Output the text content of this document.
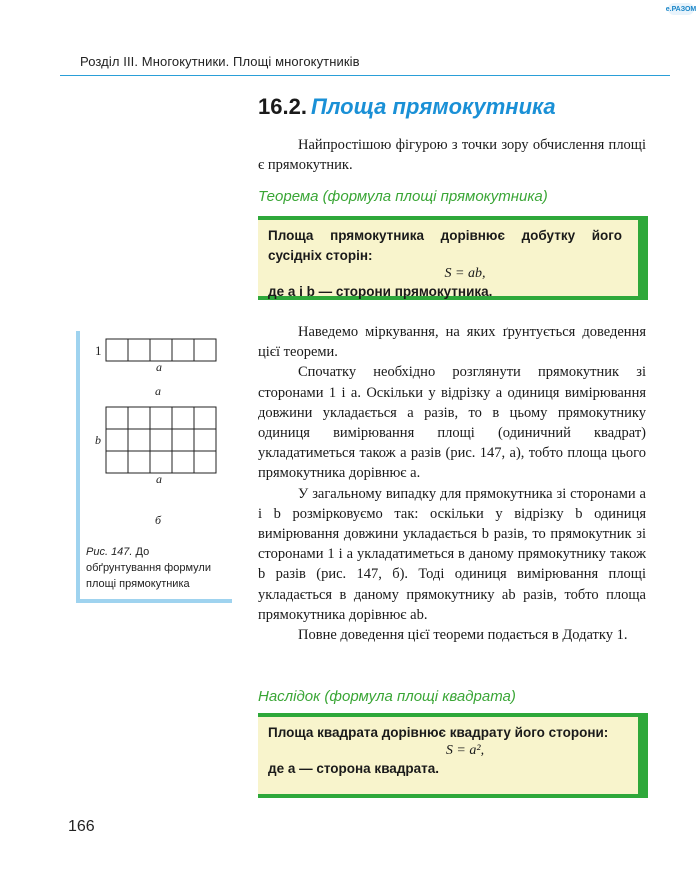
e.РАЗОМ
Розділ ІІІ. Многокутники. Площі многокутників
16.2. Площа прямокутника

Найпростішою фігурою з точки зору обчислення площі є прямокутник.

Теорема (формула площі прямокутника)
Площа прямокутника дорівнює добутку його сусідніх сторін:
S = ab,
де a і b — сторони прямокутника.
1
a
а
b
a
б
Рис. 147. До обґрунтування формули площі прямокутника

Наведемо міркування, на яких ґрунтується доведення цієї теореми.

Спочатку необхідно розглянути прямокутник зі сторонами 1 і a. Оскільки у відрізку a одиниця вимірювання довжини укладається a разів, то в цьому прямокутнику одиниця вимірювання площі (одиничний квадрат) укладатиметься також a разів (рис. 147, а), тобто площа цього прямокутника дорівнює a.

У загальному випадку для прямокутника зі сторонами a і b розмірковуємо так: оскільки у відрізку b одиниця вимірювання довжини укладається b разів, то прямокутник зі сторонами 1 і a укладатиметься в даному прямокутнику також b разів (рис. 147, б). Тоді одиниця вимірювання площі укладається в даному прямокутнику ab разів, тобто площа прямокутника дорівнює ab.

Повне доведення цієї теореми подається в Додатку 1.

Наслідок (формула площі квадрата)
Площа квадрата дорівнює квадрату його сторони:
S = a²,
де a — сторона квадрата.
166
